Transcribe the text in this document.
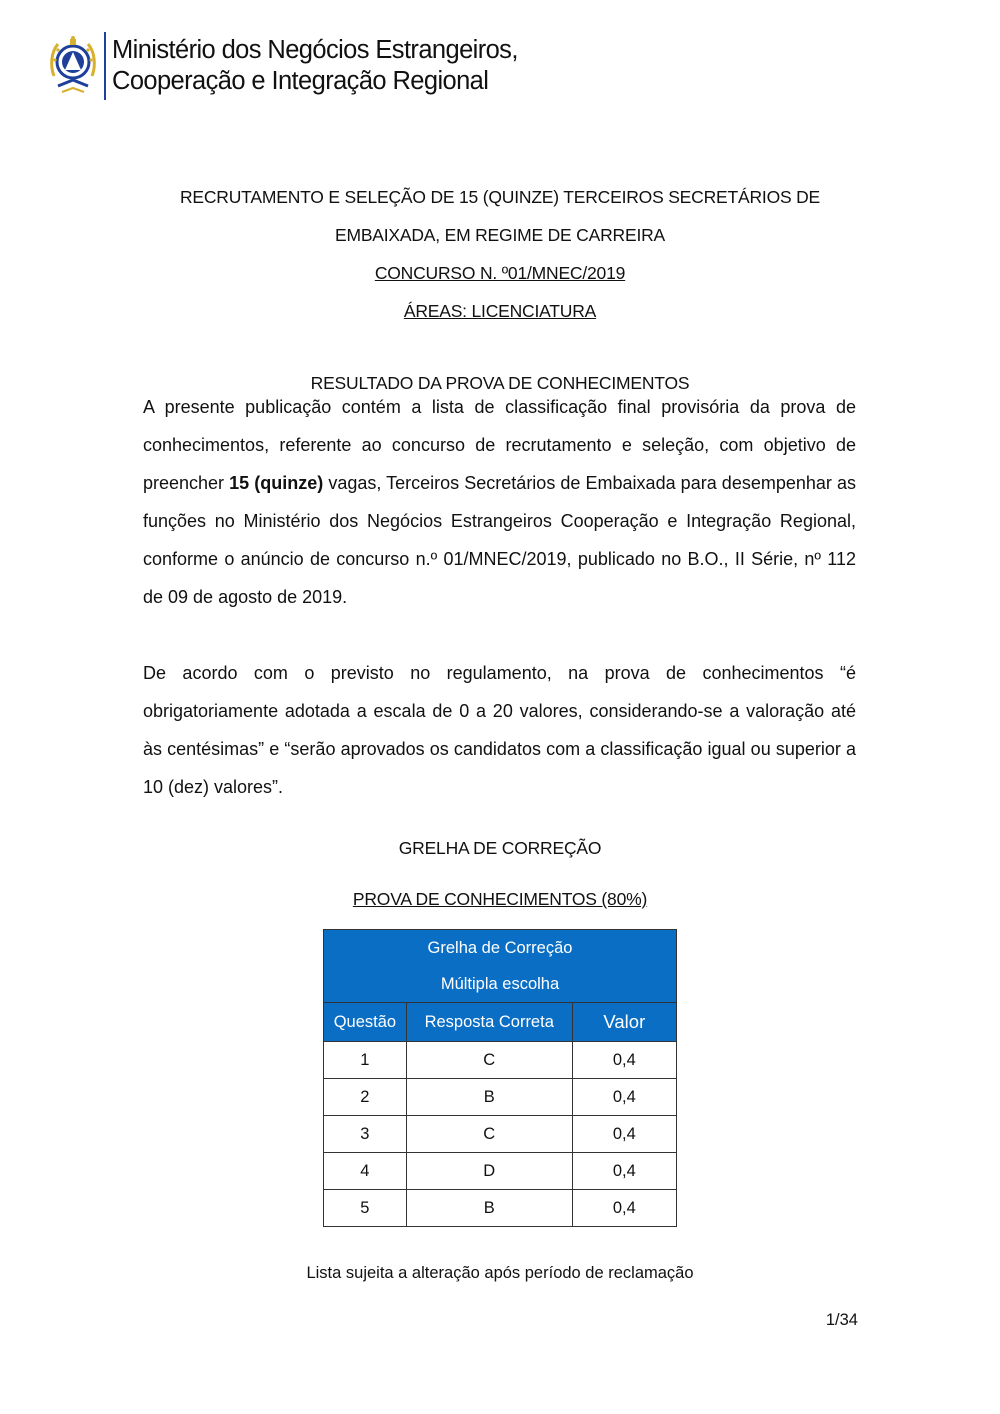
Ministério dos Negócios Estrangeiros,
Cooperação e Integração Regional
RECRUTAMENTO E SELEÇÃO DE 15 (QUINZE) TERCEIROS SECRETÁRIOS DE
EMBAIXADA, EM REGIME DE CARREIRA
CONCURSO N. º01/MNEC/2019
ÁREAS: LICENCIATURA
RESULTADO DA PROVA DE CONHECIMENTOS

A presente publicação contém a lista de classificação final provisória da prova de conhecimentos, referente ao concurso de recrutamento e seleção, com objetivo de preencher 15 (quinze) vagas, Terceiros Secretários de Embaixada para desempenhar as funções no Ministério dos Negócios Estrangeiros Cooperação e Integração Regional, conforme o anúncio de concurso n.º 01/MNEC/2019, publicado no B.O., II Série, nº 112 de 09 de agosto de 2019.

De acordo com o previsto no regulamento, na prova de conhecimentos “é obrigatoriamente adotada a escala de 0 a 20 valores, considerando-se a valoração até às centésimas” e “serão aprovados os candidatos com a classificação igual ou superior a 10 (dez) valores”.

GRELHA DE CORREÇÃO
PROVA DE CONHECIMENTOS (80%)
Grelha de Correção
Múltipla escolha		

Questão	Resposta Correta	Valor
1	C	0,4
2	B	0,4
3	C	0,4
4	D	0,4
5	B	0,4
Lista sujeita a alteração após período de reclamação
1/34
